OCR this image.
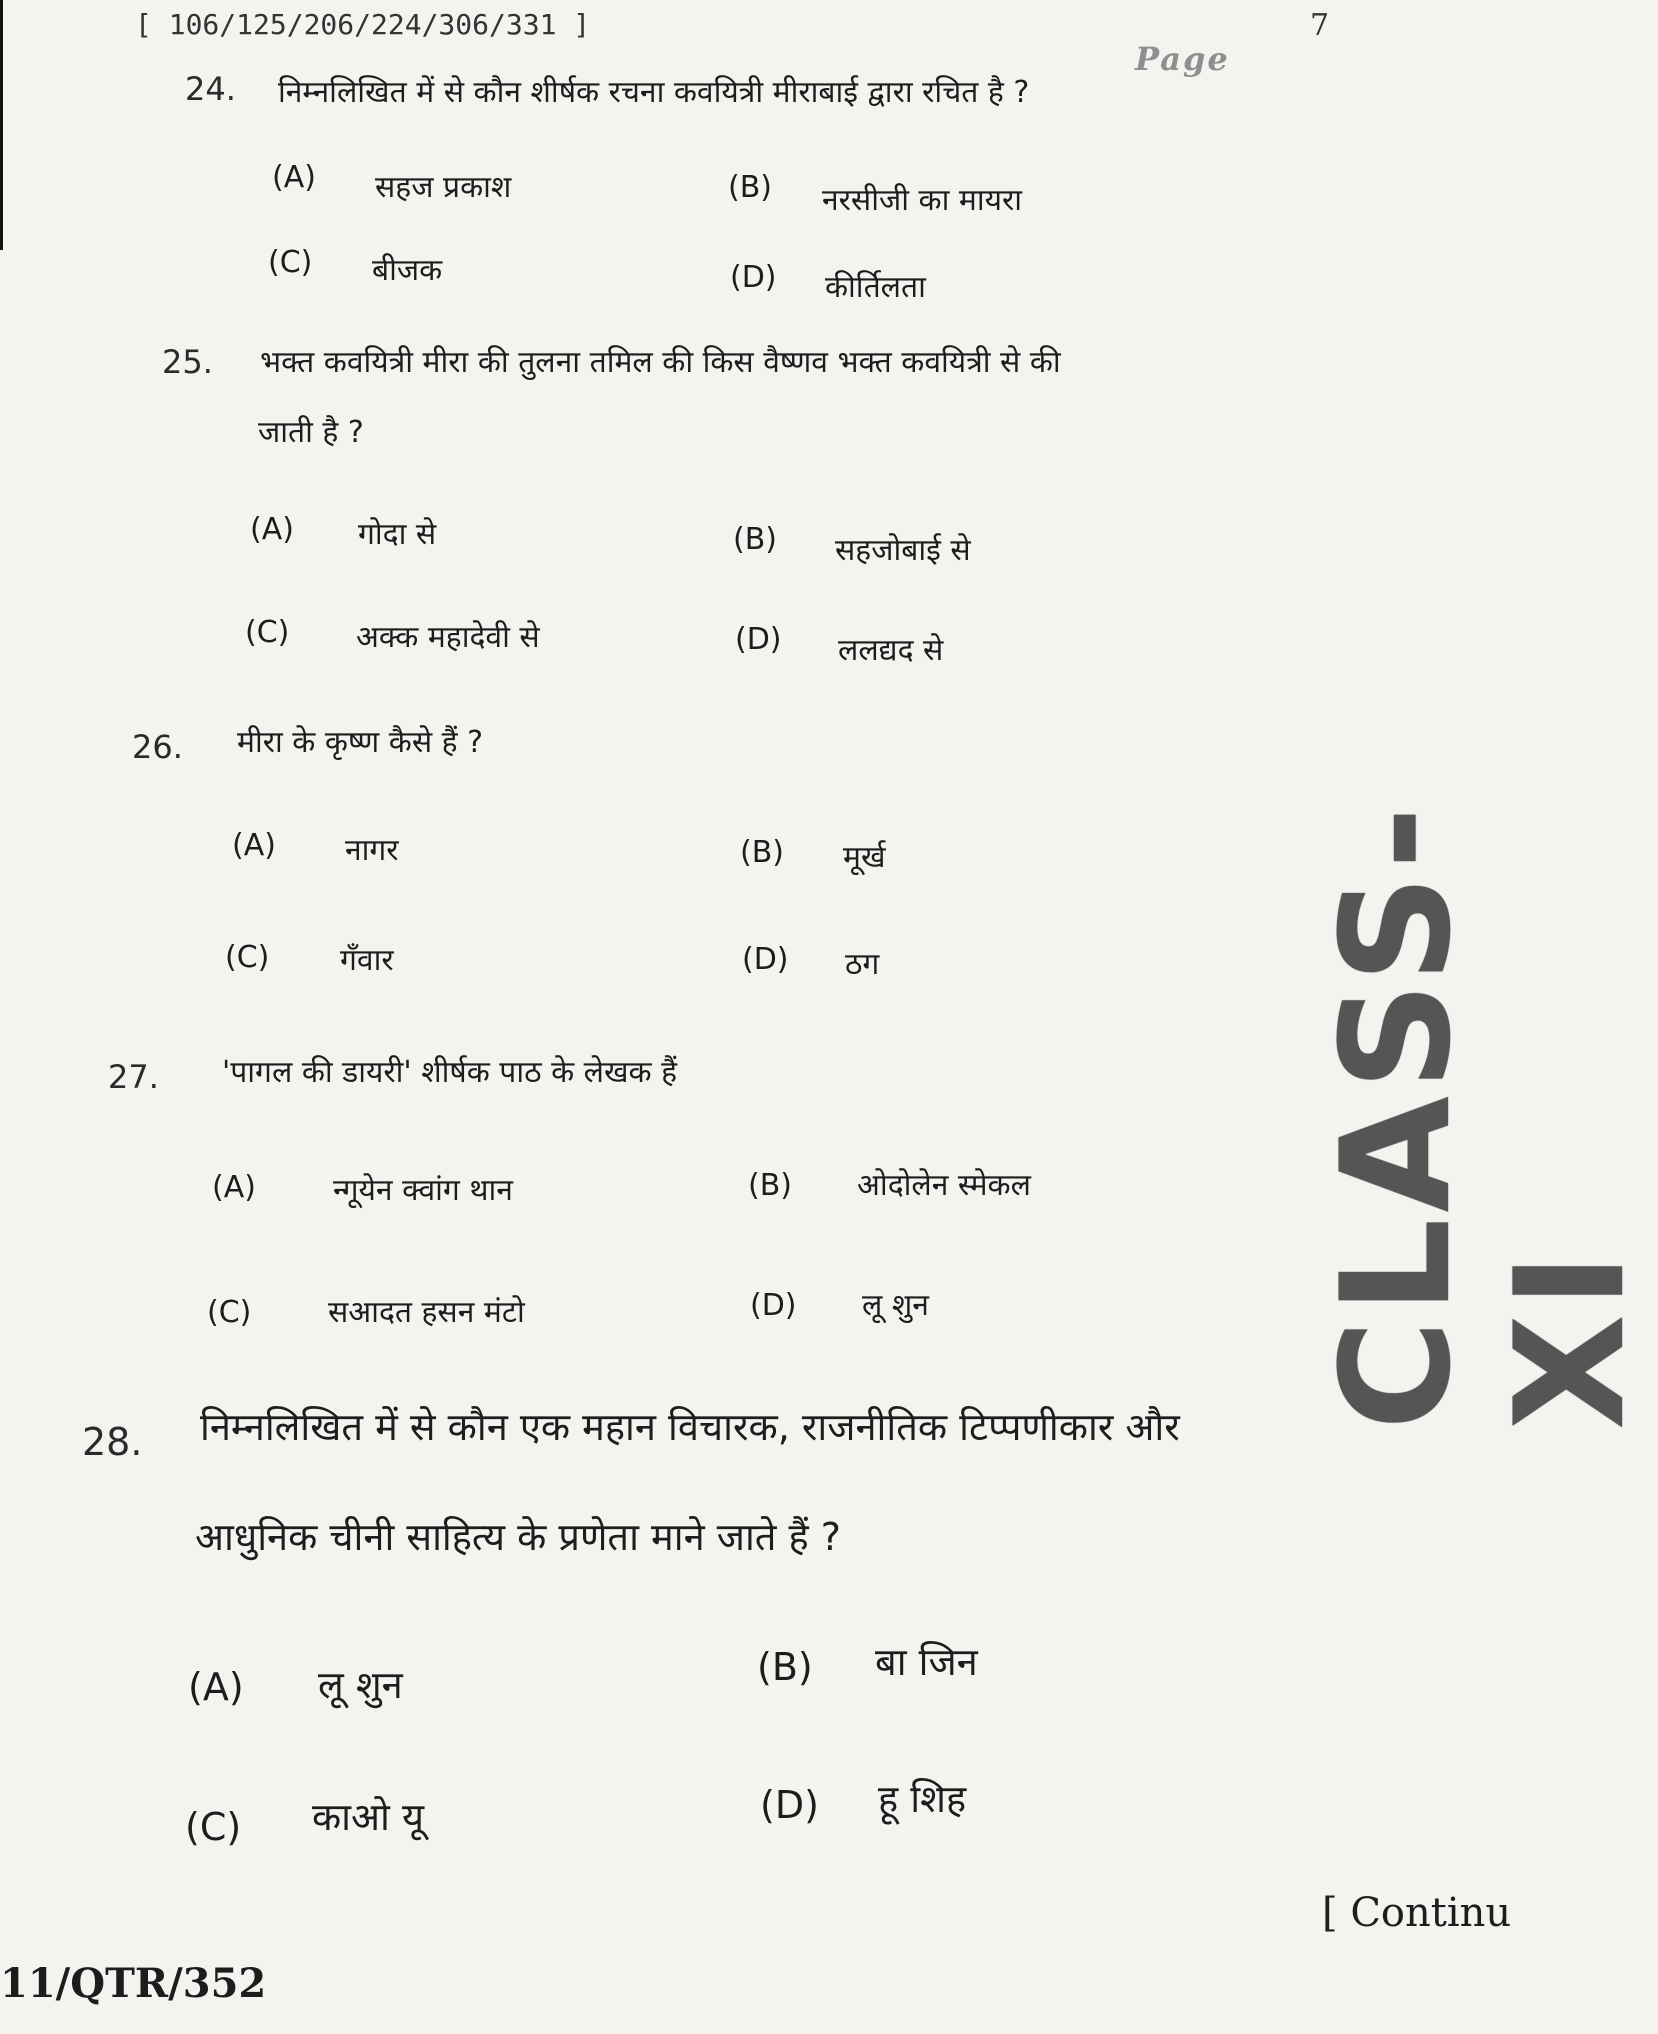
[ 106/125/206/224/306/331 ]
Page
7
24. निम्नलिखित में से कौन शीर्षक रचना कवयित्री मीराबाई द्वारा रचित है ?
(A) सहज प्रकाश	(B) नरसीजी का मायरा
(C) बीजक	(D) कीर्तिलता
25. भक्त कवयित्री मीरा की तुलना तमिल की किस वैष्णव भक्त कवयित्री से की
जाती है ?
(A) गोदा से	(B) सहजोबाई से
(C) अक्क महादेवी से	(D) ललद्यद से
26. मीरा के कृष्ण कैसे हैं ?
(A) नागर	(B) मूर्ख
(C) गँवार	(D) ठग
27. 'पागल की डायरी' शीर्षक पाठ के लेखक हैं
(A)	न्गूयेन क्वांग थान	(B) ओदोलेन स्मेकल
(C)	सआदत हसन मंटो	(D) लू शुन
28. निम्नलिखित में से कौन एक महान विचारक, राजनीतिक टिप्पणीकार और
आधुनिक चीनी साहित्य के प्रणेता माने जाते हैं ?
(A) लू शुन	(B) बा जिन
(C) काओ यू	(D) हू शिह
CLASS-XI
11/QTR/352
[ Continu
